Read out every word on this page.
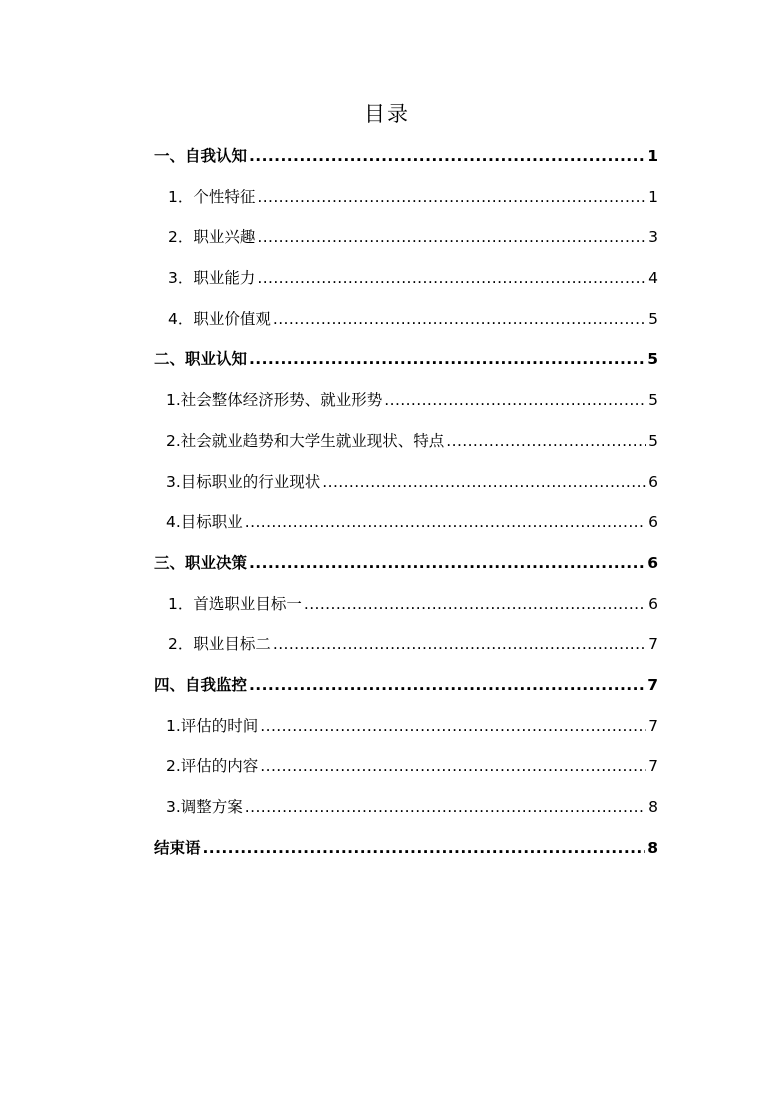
目录
一、自我认知 .....	1
1．个性特征 .....	1
2．职业兴趣 .....	3
3．职业能力 .....	4
4．职业价值观 .....	5
二、职业认知 .....	5
1.社会整体经济形势、就业形势 .....	5
2.社会就业趋势和大学生就业现状、特点 .....	5
3.目标职业的行业现状 .....	6
4.目标职业 .....	6
三、职业决策 .....	6
1．首选职业目标一 .....	6
2．职业目标二 .....	7
四、自我监控 .....	7
1.评估的时间 .....	7
2.评估的内容 .....	7
3.调整方案 .....	8
结束语 .....	8
